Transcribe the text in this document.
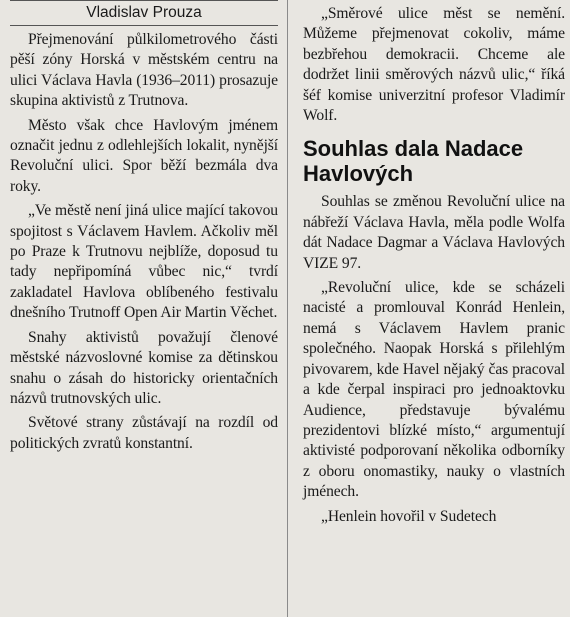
Vladislav Prouza

Přejmenování půlkilometrového části pěší zóny Horská v městském centru na ulici Václava Havla (1936–2011) prosazuje skupina aktivistů z Trutnova.

Město však chce Havlovým jménem označit jednu z odlehlejších lokalit, nynější Revoluční ulici. Spor běží bezmála dva roky.

„Ve městě není jiná ulice mající takovou spojitost s Václavem Havlem. Ačkoliv měl po Praze k Trutnovu nejblíže, doposud tu tady nepřipomíná vůbec nic,“ tvrdí zakladatel Havlova oblíbeného festivalu dnešního Trutnoff Open Air Martin Věchet.

Snahy aktivistů považují členové městské názvoslovné komise za dětinskou snahu o zásah do historicky orientačních názvů trutnovských ulic.

Světové strany zůstávají na rozdíl od politických zvratů konstantní.

„Směrové ulice měst se nemění. Můžeme přejmenovat cokoliv, máme bezbřehou demokracii. Chceme ale dodržet linii směrových názvů ulic,“ říká šéf komise univerzitní profesor Vladimír Wolf.

Souhlas dala Nadace Havlových

Souhlas se změnou Revoluční ulice na nábřeží Václava Havla, měla podle Wolfa dát Nadace Dagmar a Václava Havlových VIZE 97.

„Revoluční ulice, kde se scházeli nacisté a promlouval Konrád Henlein, nemá s Václavem Havlem pranic společného. Naopak Horská s přilehlým pivovarem, kde Havel nějaký čas pracoval a kde čerpal inspiraci pro jednoaktovku Audience, představuje bývalému prezidentovi blízké místo,“ argumentují aktivisté podporovaní několika odborníky z oboru onomastiky, nauky o vlastních jménech.

„Henlein hovořil v Sudetech
